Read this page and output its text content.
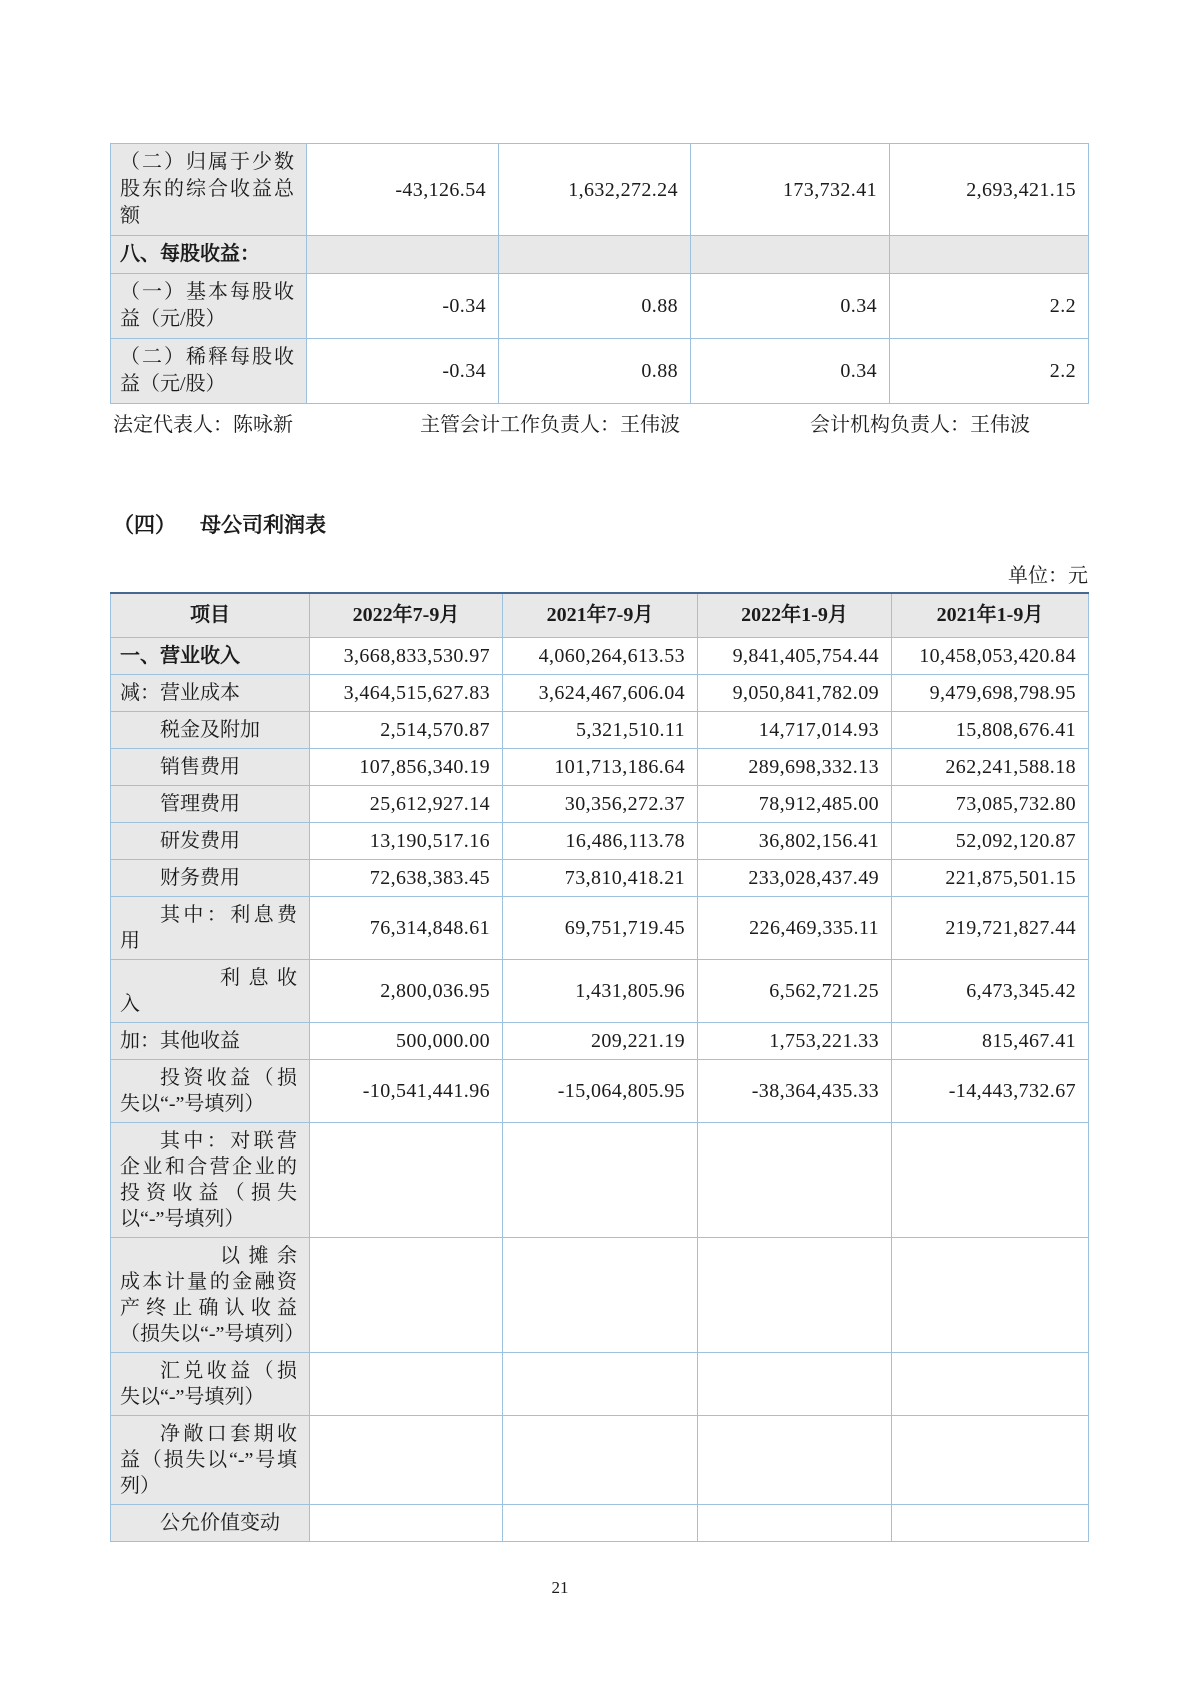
（二）归属于少数股东的综合收益总额	-43,126.54	1,632,272.24	173,732.41	2,693,421.15
八、每股收益：				
（一）基本每股收益（元/股）	-0.34	0.88	0.34	2.2
（二）稀释每股收益（元/股）	-0.34	0.88	0.34	2.2
法定代表人：陈咏新	主管会计工作负责人：王伟波	会计机构负责人：王伟波
（四） 母公司利润表
单位：元
项目	2022年7-9月	2021年7-9月	2022年1-9月	2021年1-9月
一、营业收入	3,668,833,530.97	4,060,264,613.53	9,841,405,754.44	10,458,053,420.84
减：营业成本	3,464,515,627.83	3,624,467,606.04	9,050,841,782.09	9,479,698,798.95
税金及附加	2,514,570.87	5,321,510.11	14,717,014.93	15,808,676.41
销售费用	107,856,340.19	101,713,186.64	289,698,332.13	262,241,588.18
管理费用	25,612,927.14	30,356,272.37	78,912,485.00	73,085,732.80
研发费用	13,190,517.16	16,486,113.78	36,802,156.41	52,092,120.87
财务费用	72,638,383.45	73,810,418.21	233,028,437.49	221,875,501.15
其中：利息费用	76,314,848.61	69,751,719.45	226,469,335.11	219,721,827.44
利息收入	2,800,036.95	1,431,805.96	6,562,721.25	6,473,345.42
加：其他收益	500,000.00	209,221.19	1,753,221.33	815,467.41
投资收益（损失以“-”号填列）	-10,541,441.96	-15,064,805.95	-38,364,435.33	-14,443,732.67
其中：对联营企业和合营企业的投资收益（损失以“-”号填列）				
以摊余成本计量的金融资产终止确认收益（损失以“-”号填列）				
汇兑收益（损失以“-”号填列）				
净敞口套期收益（损失以“-”号填列）				
公允价值变动				
21
